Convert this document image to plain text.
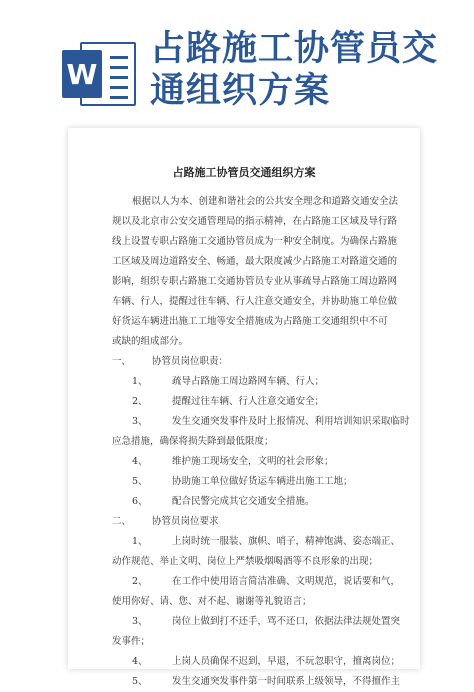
W
占路施工协管员交通组织方案
占路施工协管员交通组织方案
根据以人为本、创建和谐社会的公共安全理念和道路交通安全法
规以及北京市公安交通管理局的指示精神，在占路施工区域及导行路
线上设置专职占路施工交通协管员成为一种安全制度。为确保占路施
工区域及周边道路安全、畅通，最大限度减少占路施工对路道交通的
影响，组织专职占路施工交通协管员专业从事疏导占路施工周边路网
车辆、行人，提醒过往车辆、行人注意交通安全，并协助施工单位做
好货运车辆进出施工工地等安全措施成为占路施工交通组织中不可
或缺的组成部分。
一、 协管员岗位职责：
1、	疏导占路施工周边路网车辆、行人；
2、	提醒过往车辆、行人注意交通安全；
3、	发生交通突发事件及时上报情况、利用培训知识采取临时
应急措施，确保将损失降到最低限度；
4、	维护施工现场安全，文明的社会形象；
5、	协助施工单位做好货运车辆进出施工工地；
6、	配合民警完成其它交通安全措施。
二、 协管员岗位要求
1、	上岗时统一服装、旗帜、哨子，精神饱满、姿态端正、
动作规范、举止文明、岗位上严禁吸烟喝酒等不良形象的出现；
2、	在工作中使用语言简洁准确、文明规范，说话要和气，
使用你好、请、您、对不起、谢谢等礼貌语言；
3、	岗位上做到打不还手，骂不还口，依据法律法规处置突
发事件；
4、	上岗人员确保不迟到，早退，不玩忽职守，擅离岗位；
5、	发生交通突发事件第一时间联系上级领导，不得擅作主
